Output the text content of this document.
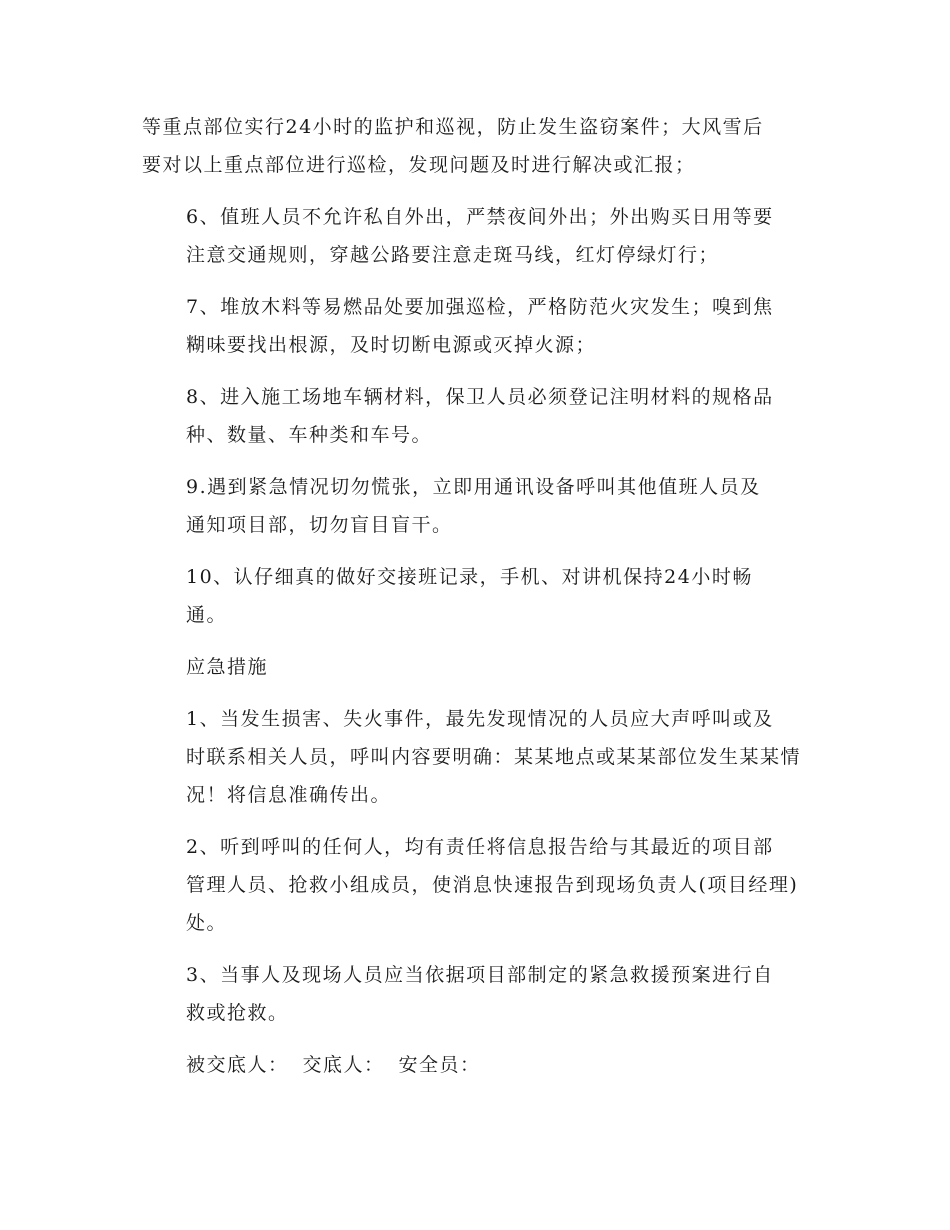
等重点部位实行24小时的监护和巡视，防止发生盗窃案件；大风雪后
要对以上重点部位进行巡检，发现问题及时进行解决或汇报；

6、值班人员不允许私自外出，严禁夜间外出；外出购买日用等要
注意交通规则，穿越公路要注意走斑马线，红灯停绿灯行；

7、堆放木料等易燃品处要加强巡检，严格防范火灾发生；嗅到焦
糊味要找出根源，及时切断电源或灭掉火源；

8、进入施工场地车辆材料，保卫人员必须登记注明材料的规格品
种、数量、车种类和车号。

9.遇到紧急情况切勿慌张，立即用通讯设备呼叫其他值班人员及
通知项目部，切勿盲目盲干。

10、认仔细真的做好交接班记录，手机、对讲机保持24小时畅
通。

应急措施

1、当发生损害、失火事件，最先发现情况的人员应大声呼叫或及
时联系相关人员，呼叫内容要明确：某某地点或某某部位发生某某情
况！将信息准确传出。

2、听到呼叫的任何人，均有责任将信息报告给与其最近的项目部
管理人员、抢救小组成员，使消息快速报告到现场负责人(项目经理)
处。

3、当事人及现场人员应当依据项目部制定的紧急救援预案进行自
救或抢救。

被交底人： 交底人： 安全员：
